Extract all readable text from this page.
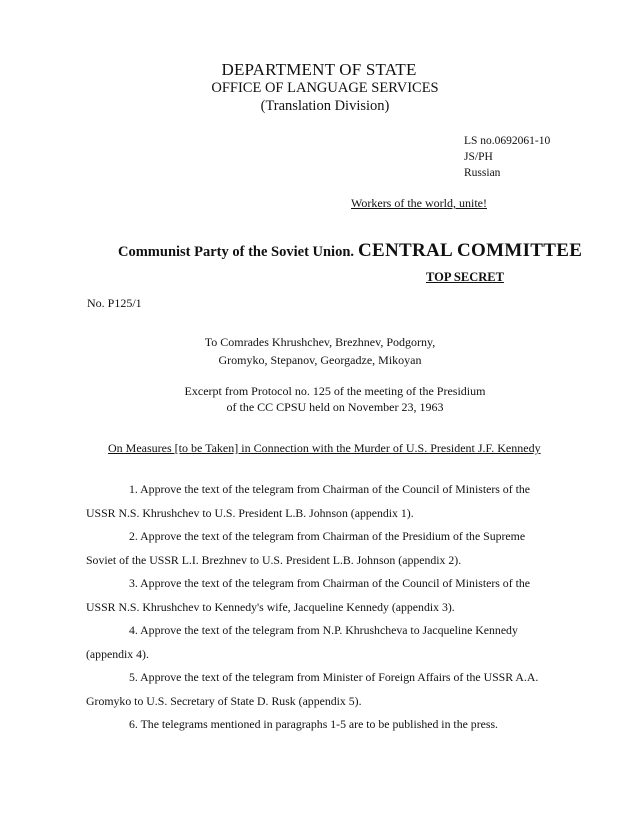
DEPARTMENT OF STATE
OFFICE OF LANGUAGE SERVICES
(Translation Division)
LS no.0692061-10
JS/PH
Russian
Workers of the world, unite!
Communist Party of the Soviet Union. CENTRAL COMMITTEE
TOP SECRET
No. P125/1
To Comrades Khrushchev, Brezhnev, Podgorny,
Gromyko, Stepanov, Georgadze, Mikoyan
Excerpt from Protocol no. 125 of the meeting of the Presidium
of the CC CPSU held on November 23, 1963
On Measures [to be Taken] in Connection with the Murder of U.S. President J.F. Kennedy
1. Approve the text of the telegram from Chairman of the Council of Ministers of the
USSR N.S. Khrushchev to U.S. President L.B. Johnson (appendix 1).
2. Approve the text of the telegram from Chairman of the Presidium of the Supreme
Soviet of the USSR L.I. Brezhnev to U.S. President L.B. Johnson (appendix 2).
3. Approve the text of the telegram from Chairman of the Council of Ministers of the
USSR N.S. Khrushchev to Kennedy's wife, Jacqueline Kennedy (appendix 3).
4. Approve the text of the telegram from N.P. Khrushcheva to Jacqueline Kennedy
(appendix 4).
5. Approve the text of the telegram from Minister of Foreign Affairs of the USSR A.A.
Gromyko to U.S. Secretary of State D. Rusk (appendix 5).
6. The telegrams mentioned in paragraphs 1-5 are to be published in the press.
